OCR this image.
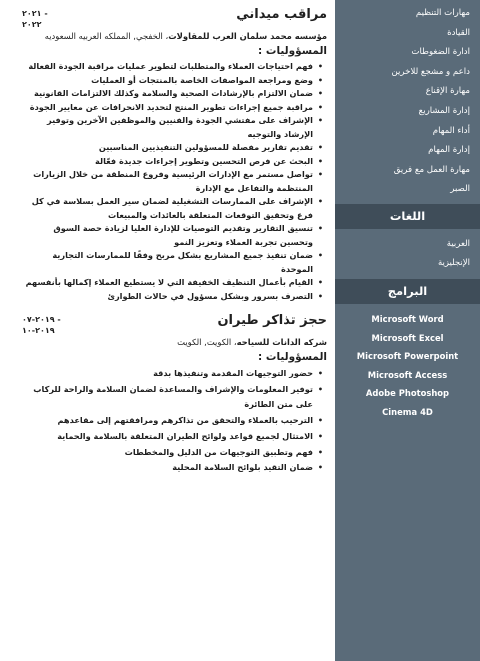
مهارات التنظيم
القيادة
ادارة الضغوطات
داعم و مشجع للاخرين
مهارة الإقناع
إدارة المشاريع
أداء المهام
إدارة المهام
مهارة العمل مع فريق
الصبر
اللغات
العربية
الإنجليزية
البرامج
Microsoft Word
Microsoft Excel
Microsoft Powerpoint
Microsoft Access
Adobe Photoshop
Cinema 4D
مراقب ميداني
٢٠٢١ -
٢٠٢٢
مؤسسه محمد سلمان العرب للمقاولات، الخفجي, المملكه العربيه السعوديه
المسؤوليات :
• فهم احتياجات العملاء والمتطلبات لتطوير عمليات مراقبة الجودة الفعالة
• وضع ومراجعة المواصفات الخاصة بالمنتجات أو العمليات
• ضمان الالتزام بالإرشادات الصحية والسلامة وكذلك الالتزامات القانونية
• مراقبة جميع إجراءات تطوير المنتج لتحديد الانحرافات عن معايير الجودة
• الإشراف على مفتشي الجودة والفنيين والموظفين الآخرين وتوفير الإرشاد والتوجيه
• تقديم تقارير مفصلة للمسؤولين التنفيذيين المناسبين
• البحث عن فرص التحسين وتطوير إجراءات جديدة فعّالة
• تواصل مستمر مع الإدارات الرئيسية وفروع المنطقة من خلال الزيارات المنتظمة والتفاعل مع الإدارة
• الإشراف على الممارسات التشغيلية لضمان سير العمل بسلاسة في كل فرع وتحقيق التوقعات المتعلقة بالعائدات والمبيعات
• تنسيق التقارير وتقديم التوصيات للإدارة العليا لزيادة حصة السوق وتحسين تجربة العملاء وتعزيز النمو
• ضمان تنفيذ جميع المشاريع بشكل مربح وفقًا للممارسات التجارية الموحدة
• القيام بأعمال التنظيف الخفيفة التي لا يستطيع العملاء إكمالها بأنفسهم
• التصرف بسرور وبشكل مسؤول في حالات الطوارئ
حجز تذاكر طيران
٢٠١٩-٠٧ -
٢٠١٩-١٠
شركه الدانات للسياحه، الكويت, الكويت
المسؤوليات :
• حضور التوجيهات المقدمة وتنفيذها بدقة
• توفير المعلومات والإشراف والمساعدة لضمان السلامة والراحة للركاب على متن الطائرة
• الترحيب بالعملاء والتحقق من تذاكرهم ومرافقتهم إلى مقاعدهم
• الامتثال لجميع قواعد ولوائح الطيران المتعلقة بالسلامة والحماية
• فهم وتطبيق التوجيهات من الدليل والمخططات
• ضمان التقيد بلوائح السلامة المحلية
